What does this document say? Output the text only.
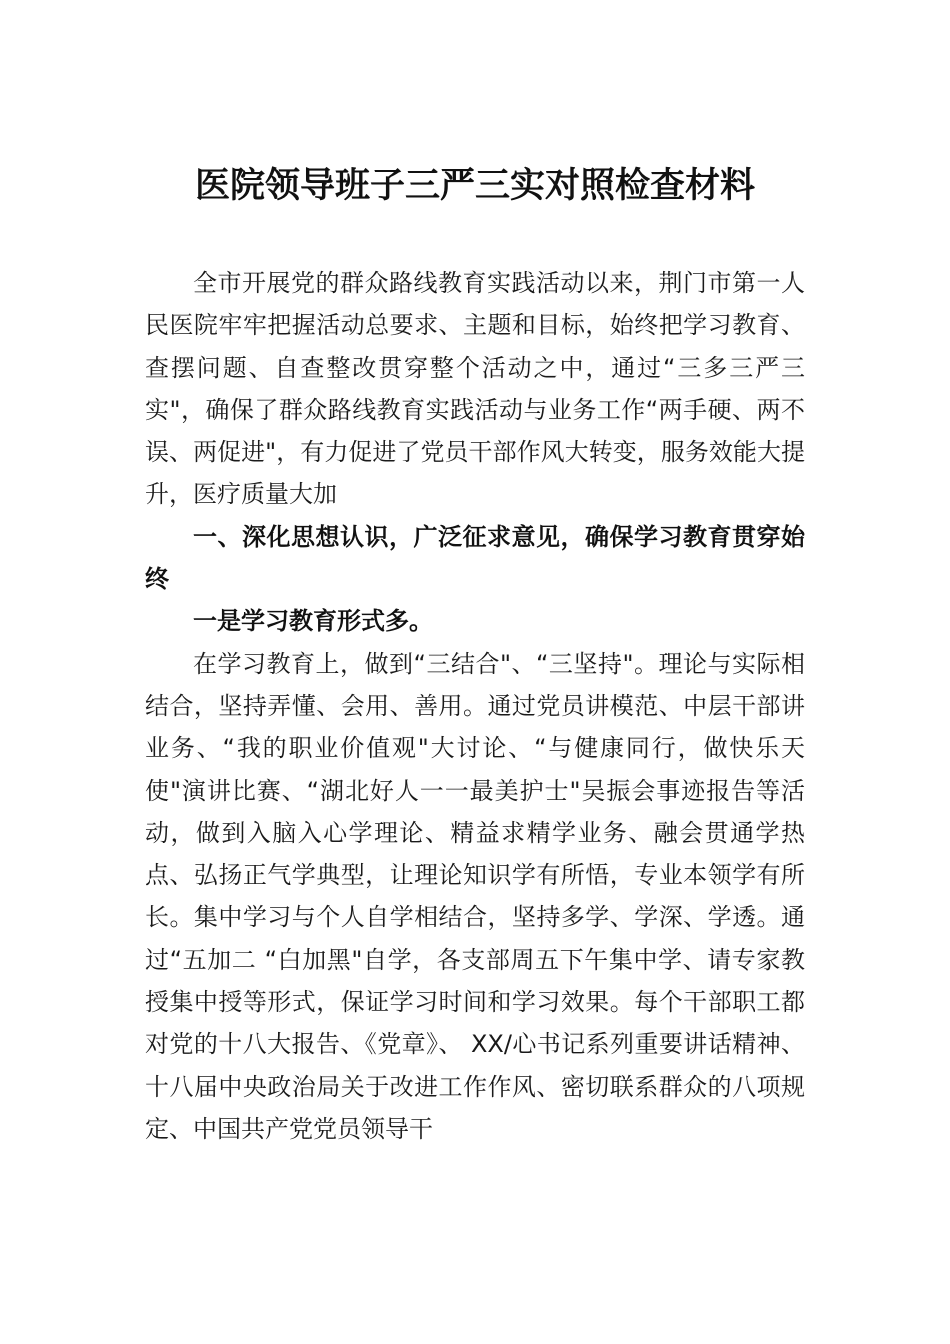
医院领导班子三严三实对照检查材料

全市开展党的群众路线教育实践活动以来，荆门市第一人民医院牢牢把握活动总要求、主题和目标，始终把学习教育、查摆问题、自查整改贯穿整个活动之中，通过“三多三严三实"，确保了群众路线教育实践活动与业务工作“两手硬、两不误、两促进"，有力促进了党员干部作风大转变，服务效能大提升，医疗质量大加

一、深化思想认识，广泛征求意见，确保学习教育贯穿始终

一是学习教育形式多。

在学习教育上，做到“三结合"、“三坚持"。理论与实际相结合，坚持弄懂、会用、善用。通过党员讲模范、中层干部讲业务、“我的职业价值观"大讨论、“与健康同行，做快乐天使"演讲比赛、“湖北好人一一最美护士"吴振会事迹报告等活动，做到入脑入心学理论、精益求精学业务、融会贯通学热点、弘扬正气学典型，让理论知识学有所悟，专业本领学有所长。集中学习与个人自学相结合，坚持多学、学深、学透。通过“五加二 “白加黑"自学，各支部周五下午集中学、请专家教授集中授等形式，保证学习时间和学习效果。每个干部职工都对党的十八大报告、《党章》、 XX/心书记系列重要讲话精神、十八届中央政治局关于改进工作作风、密切联系群众的八项规定、中国共产党党员领导干
